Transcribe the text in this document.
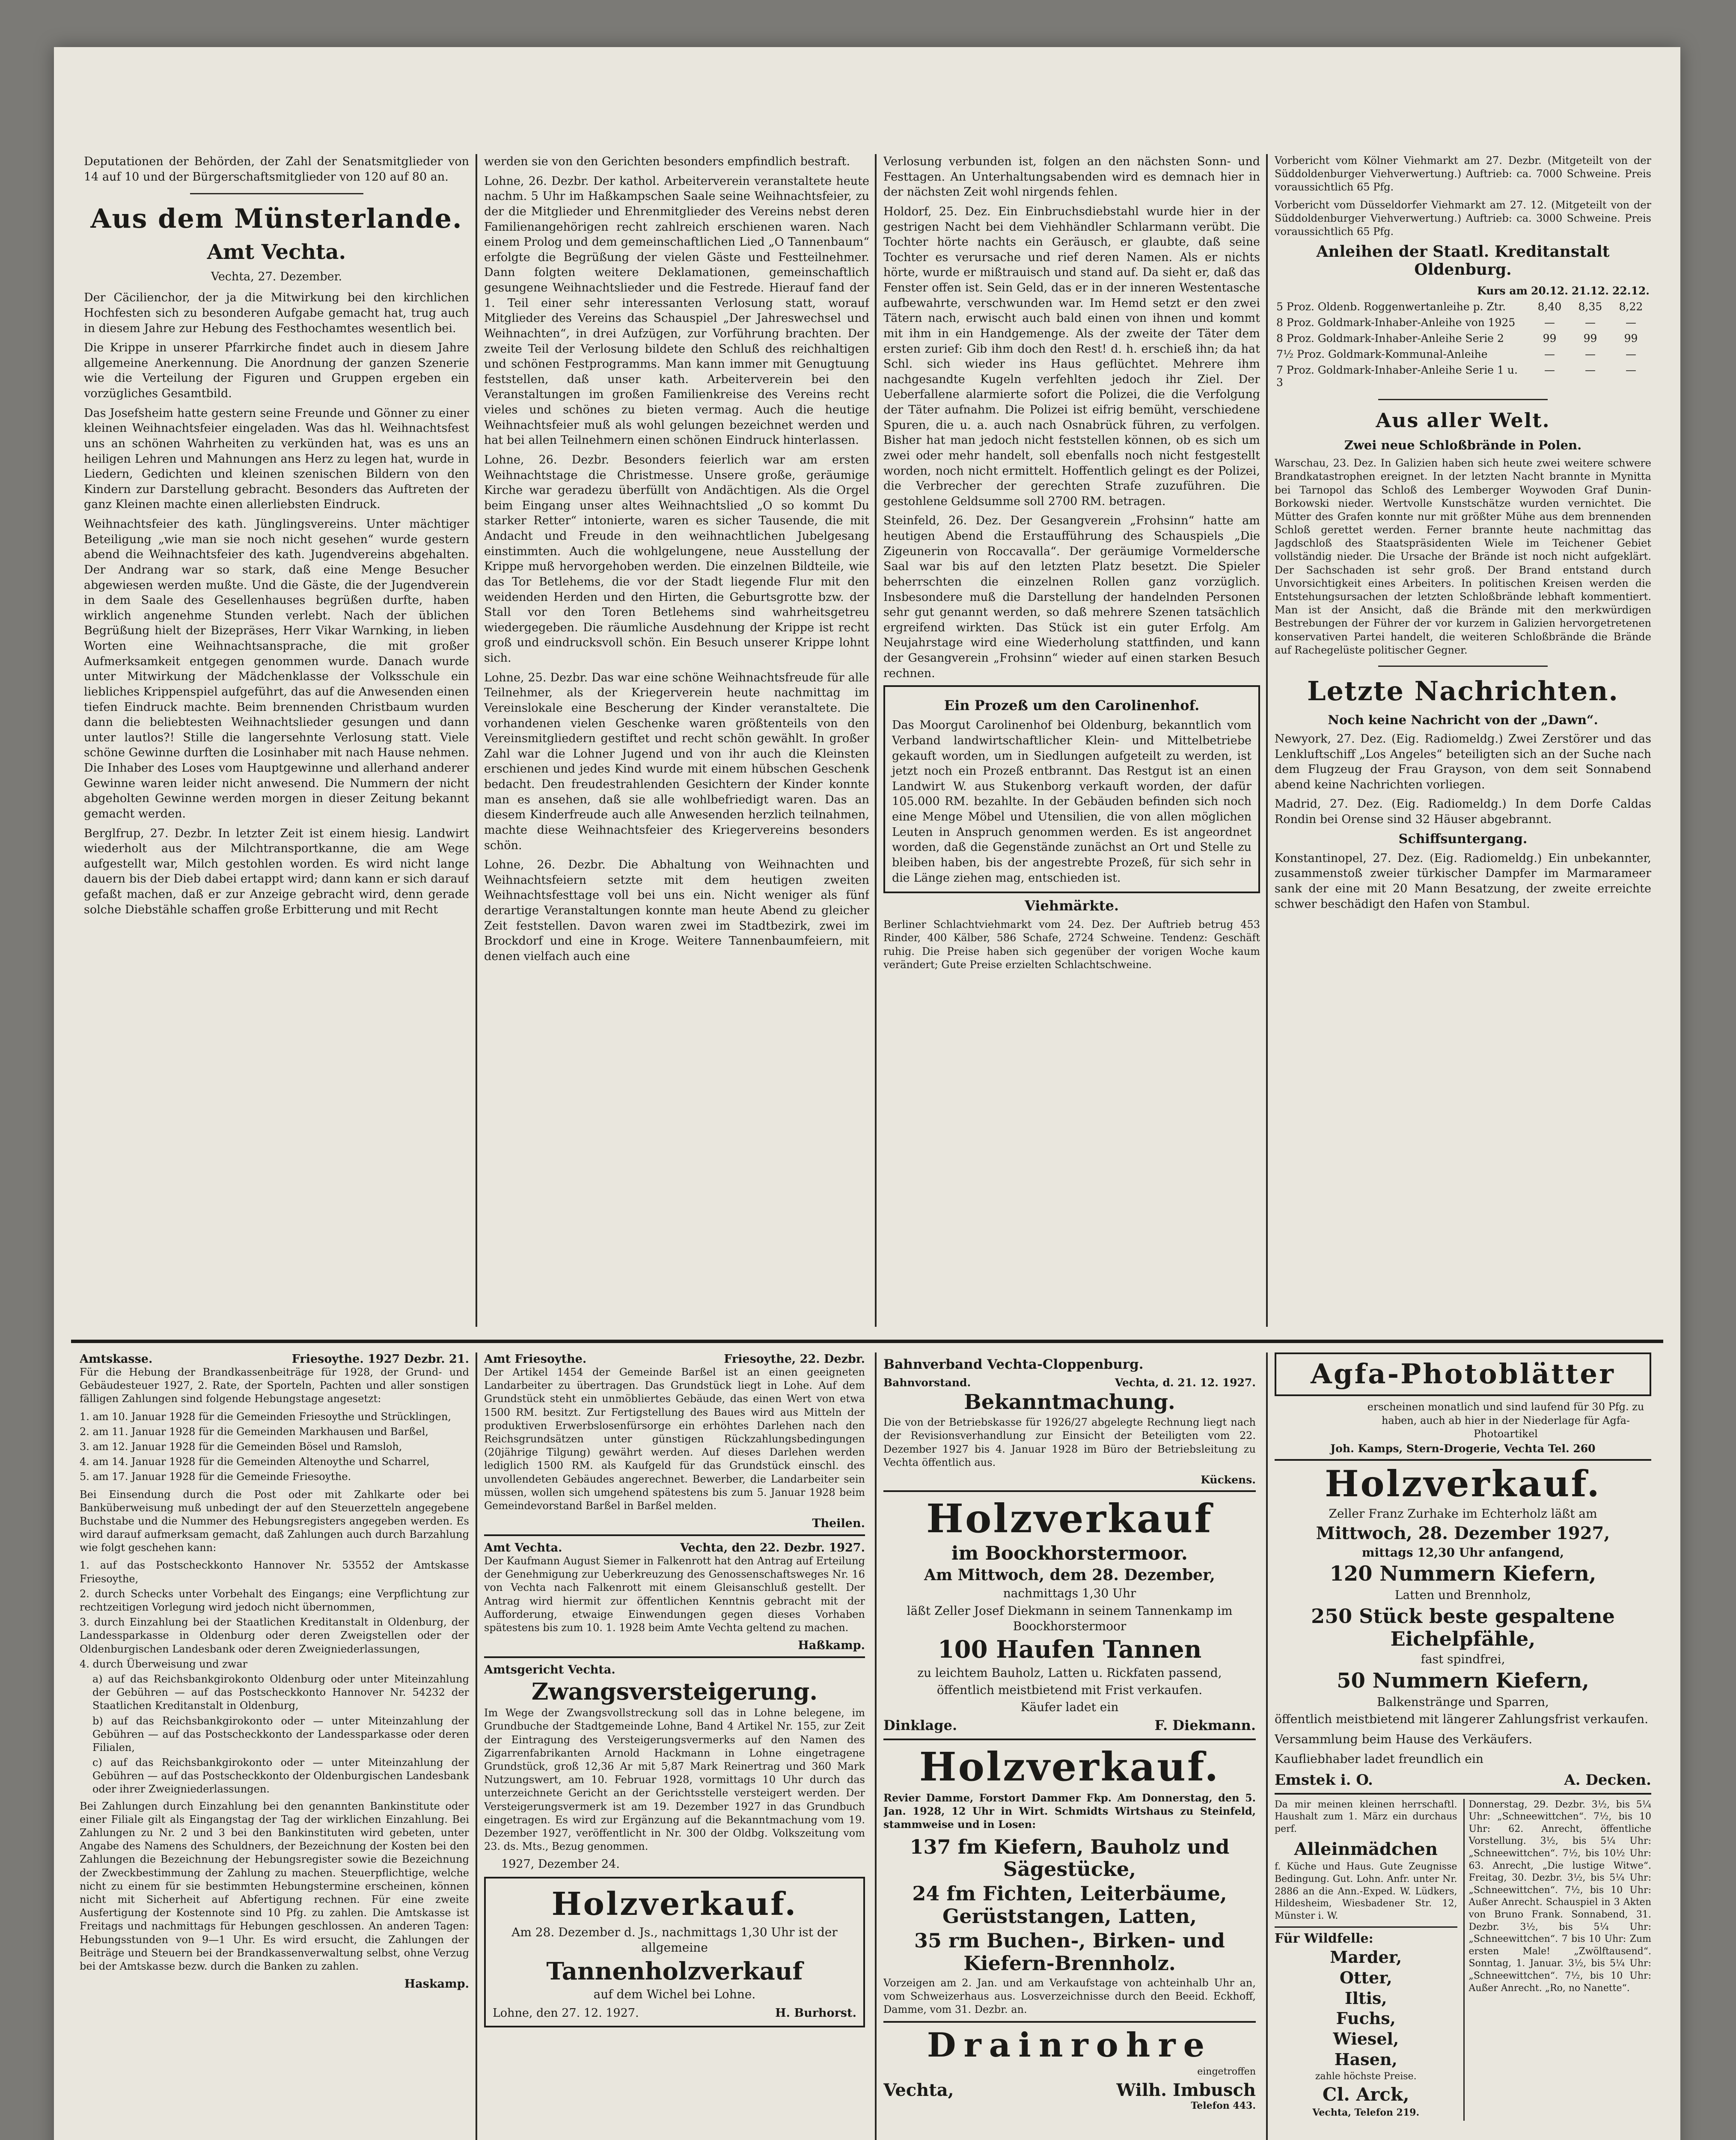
Deputationen der Behörden, der Zahl der Senatsmitglieder von 14 auf 10 und der Bürgerschaftsmitglieder von 120 auf 80 an.

Aus dem Münsterlande.
Amt Vechta.
Vechta, 27. Dezember.

Der Cäcilienchor, der ja die Mitwirkung bei den kirchlichen Hochfesten sich zu besonderen Aufgabe gemacht hat, trug auch in diesem Jahre zur Hebung des Festhochamtes wesentlich bei.

Die Krippe in unserer Pfarrkirche findet auch in diesem Jahre allgemeine Anerkennung. Die Anordnung der ganzen Szenerie wie die Verteilung der Figuren und Gruppen ergeben ein vorzügliches Gesamtbild.

Das Josefsheim hatte gestern seine Freunde und Gönner zu einer kleinen Weihnachtsfeier eingeladen. Was das hl. Weihnachtsfest uns an schönen Wahrheiten zu verkünden hat, was es uns an heiligen Lehren und Mahnungen ans Herz zu legen hat, wurde in Liedern, Gedichten und kleinen szenischen Bildern von den Kindern zur Darstellung gebracht. Besonders das Auftreten der ganz Kleinen machte einen allerliebsten Eindruck.

Weihnachtsfeier des kath. Jünglingsvereins. Unter mächtiger Beteiligung „wie man sie noch nicht gesehen“ wurde gestern abend die Weihnachtsfeier des kath. Jugendvereins abgehalten. Der Andrang war so stark, daß eine Menge Besucher abgewiesen werden mußte. Und die Gäste, die der Jugendverein in dem Saale des Gesellenhauses begrüßen durfte, haben wirklich angenehme Stunden verlebt. Nach der üblichen Begrüßung hielt der Bizepräses, Herr Vikar Warnking, in lieben Worten eine Weihnachtsansprache, die mit großer Aufmerksamkeit entgegen genommen wurde. Danach wurde unter Mitwirkung der Mädchenklasse der Volksschule ein liebliches Krippenspiel aufgeführt, das auf die Anwesenden einen tiefen Eindruck machte. Beim brennenden Christbaum wurden dann die beliebtesten Weihnachtslieder gesungen und dann unter lautlos?! Stille die langersehnte Verlosung statt. Viele schöne Gewinne durften die Losinhaber mit nach Hause nehmen. Die Inhaber des Loses vom Hauptgewinne und allerhand anderer Gewinne waren leider nicht anwesend. Die Nummern der nicht abgeholten Gewinne werden morgen in dieser Zeitung bekannt gemacht werden.

Berglfrup, 27. Dezbr. In letzter Zeit ist einem hiesig. Landwirt wiederholt aus der Milchtransportkanne, die am Wege aufgestellt war, Milch gestohlen worden. Es wird nicht lange dauern bis der Dieb dabei ertappt wird; dann kann er sich darauf gefaßt machen, daß er zur Anzeige gebracht wird, denn gerade solche Diebstähle schaffen große Erbitterung und mit Recht

werden sie von den Gerichten besonders empfindlich bestraft.

Lohne, 26. Dezbr. Der kathol. Arbeiterverein veranstaltete heute nachm. 5 Uhr im Haßkampschen Saale seine Weihnachtsfeier, zu der die Mitglieder und Ehrenmitglieder des Vereins nebst deren Familienangehörigen recht zahlreich erschienen waren. Nach einem Prolog und dem gemeinschaftlichen Lied „O Tannenbaum“ erfolgte die Begrüßung der vielen Gäste und Festteilnehmer. Dann folgten weitere Deklamationen, gemeinschaftlich gesungene Weihnachtslieder und die Festrede. Hierauf fand der 1. Teil einer sehr interessanten Verlosung statt, worauf Mitglieder des Vereins das Schauspiel „Der Jahreswechsel und Weihnachten“, in drei Aufzügen, zur Vorführung brachten. Der zweite Teil der Verlosung bildete den Schluß des reichhaltigen und schönen Festprogramms. Man kann immer mit Genugtuung feststellen, daß unser kath. Arbeiterverein bei den Veranstaltungen im großen Familienkreise des Vereins recht vieles und schönes zu bieten vermag. Auch die heutige Weihnachtsfeier muß als wohl gelungen bezeichnet werden und hat bei allen Teilnehmern einen schönen Eindruck hinterlassen.

Lohne, 26. Dezbr. Besonders feierlich war am ersten Weihnachtstage die Christmesse. Unsere große, geräumige Kirche war geradezu überfüllt von Andächtigen. Als die Orgel beim Eingang unser altes Weihnachtslied „O so kommt Du starker Retter“ intonierte, waren es sicher Tausende, die mit Andacht und Freude in den weihnachtlichen Jubelgesang einstimmten. Auch die wohlgelungene, neue Ausstellung der Krippe muß hervorgehoben werden. Die einzelnen Bildteile, wie das Tor Betlehems, die vor der Stadt liegende Flur mit den weidenden Herden und den Hirten, die Geburtsgrotte bzw. der Stall vor den Toren Betlehems sind wahrheitsgetreu wiedergegeben. Die räumliche Ausdehnung der Krippe ist recht groß und eindrucksvoll schön. Ein Besuch unserer Krippe lohnt sich.

Lohne, 25. Dezbr. Das war eine schöne Weihnachtsfreude für alle Teilnehmer, als der Kriegerverein heute nachmittag im Vereinslokale eine Bescherung der Kinder veranstaltete. Die vorhandenen vielen Geschenke waren größtenteils von den Vereinsmitgliedern gestiftet und recht schön gewählt. In großer Zahl war die Lohner Jugend und von ihr auch die Kleinsten erschienen und jedes Kind wurde mit einem hübschen Geschenk bedacht. Den freudestrahlenden Gesichtern der Kinder konnte man es ansehen, daß sie alle wohlbefriedigt waren. Das an diesem Kinderfreude auch alle Anwesenden herzlich teilnahmen, machte diese Weihnachtsfeier des Kriegervereins besonders schön.

Lohne, 26. Dezbr. Die Abhaltung von Weihnachten und Weihnachtsfeiern setzte mit dem heutigen zweiten Weihnachtsfesttage voll bei uns ein. Nicht weniger als fünf derartige Veranstaltungen konnte man heute Abend zu gleicher Zeit feststellen. Davon waren zwei im Stadtbezirk, zwei im Brockdorf und eine in Kroge. Weitere Tannenbaumfeiern, mit denen vielfach auch eine

Verlosung verbunden ist, folgen an den nächsten Sonn- und Festtagen. An Unterhaltungsabenden wird es demnach hier in der nächsten Zeit wohl nirgends fehlen.

Holdorf, 25. Dez. Ein Einbruchsdiebstahl wurde hier in der gestrigen Nacht bei dem Viehhändler Schlarmann verübt. Die Tochter hörte nachts ein Geräusch, er glaubte, daß seine Tochter es verursache und rief deren Namen. Als er nichts hörte, wurde er mißtrauisch und stand auf. Da sieht er, daß das Fenster offen ist. Sein Geld, das er in der inneren Westentasche aufbewahrte, verschwunden war. Im Hemd setzt er den zwei Tätern nach, erwischt auch bald einen von ihnen und kommt mit ihm in ein Handgemenge. Als der zweite der Täter dem ersten zurief: Gib ihm doch den Rest! d. h. erschieß ihn; da hat Schl. sich wieder ins Haus geflüchtet. Mehrere ihm nachgesandte Kugeln verfehlten jedoch ihr Ziel. Der Ueberfallene alarmierte sofort die Polizei, die die Verfolgung der Täter aufnahm. Die Polizei ist eifrig bemüht, verschiedene Spuren, die u. a. auch nach Osnabrück führen, zu verfolgen. Bisher hat man jedoch nicht feststellen können, ob es sich um zwei oder mehr handelt, soll ebenfalls noch nicht festgestellt worden, noch nicht ermittelt. Hoffentlich gelingt es der Polizei, die Verbrecher der gerechten Strafe zuzuführen. Die gestohlene Geldsumme soll 2700 RM. betragen.

Steinfeld, 26. Dez. Der Gesangverein „Frohsinn“ hatte am heutigen Abend die Erstaufführung des Schauspiels „Die Zigeunerin von Roccavalla“. Der geräumige Vormeldersche Saal war bis auf den letzten Platz besetzt. Die Spieler beherrschten die einzelnen Rollen ganz vorzüglich. Insbesondere muß die Darstellung der handelnden Personen sehr gut genannt werden, so daß mehrere Szenen tatsächlich ergreifend wirkten. Das Stück ist ein guter Erfolg. Am Neujahrstage wird eine Wiederholung stattfinden, und kann der Gesangverein „Frohsinn“ wieder auf einen starken Besuch rechnen.

Ein Prozeß um den Carolinenhof.

Das Moorgut Carolinenhof bei Oldenburg, bekanntlich vom Verband landwirtschaftlicher Klein- und Mittelbetriebe gekauft worden, um in Siedlungen aufgeteilt zu werden, ist jetzt noch ein Prozeß entbrannt. Das Restgut ist an einen Landwirt W. aus Stukenborg verkauft worden, der dafür 105.000 RM. bezahlte. In der Gebäuden befinden sich noch eine Menge Möbel und Utensilien, die von allen möglichen Leuten in Anspruch genommen werden. Es ist angeordnet worden, daß die Gegenstände zunächst an Ort und Stelle zu bleiben haben, bis der angestrebte Prozeß, für sich sehr in die Länge ziehen mag, entschieden ist.

Viehmärkte.

Berliner Schlachtviehmarkt vom 24. Dez. Der Auftrieb betrug 453 Rinder, 400 Kälber, 586 Schafe, 2724 Schweine. Tendenz: Geschäft ruhig. Die Preise haben sich gegenüber der vorigen Woche kaum verändert; Gute Preise erzielten Schlachtschweine.

Vorbericht vom Kölner Viehmarkt am 27. Dezbr. (Mitgeteilt von der Süddoldenburger Viehverwertung.) Auftrieb: ca. 7000 Schweine. Preis voraussichtlich 65 Pfg.

Vorbericht vom Düsseldorfer Viehmarkt am 27. 12. (Mitgeteilt von der Süddoldenburger Viehverwertung.) Auftrieb: ca. 3000 Schweine. Preis voraussichtlich 65 Pfg.

Anleihen der Staatl. Kreditanstalt Oldenburg.
Kurs am	20.12.	21.12.	22.12.
5 Proz. Oldenb. Roggenwertanleihe p. Ztr.	8,40	8,35	8,22
8 Proz. Goldmark-Inhaber-Anleihe von 1925	—	—	—
8 Proz. Goldmark-Inhaber-Anleihe Serie 2	99	99	99
7½ Proz. Goldmark-Kommunal-Anleihe	—	—	—
7 Proz. Goldmark-Inhaber-Anleihe Serie 1 u. 3	—	—	—
Aus aller Welt.
Zwei neue Schloßbrände in Polen.

Warschau, 23. Dez. In Galizien haben sich heute zwei weitere schwere Brandkatastrophen ereignet. In der letzten Nacht brannte in Mynitta bei Tarnopol das Schloß des Lemberger Woywoden Graf Dunin-Borkowski nieder. Wertvolle Kunstschätze wurden vernichtet. Die Mütter des Grafen konnte nur mit größter Mühe aus dem brennenden Schloß gerettet werden. Ferner brannte heute nachmittag das Jagdschloß des Staatspräsidenten Wiele im Teichener Gebiet vollständig nieder. Die Ursache der Brände ist noch nicht aufgeklärt. Der Sachschaden ist sehr groß. Der Brand entstand durch Unvorsichtigkeit eines Arbeiters. In politischen Kreisen werden die Entstehungsursachen der letzten Schloßbrände lebhaft kommentiert. Man ist der Ansicht, daß die Brände mit den merkwürdigen Bestrebungen der Führer der vor kurzem in Galizien hervorgetretenen konservativen Partei handelt, die weiteren Schloßbrände die Brände auf Rachegelüste politischer Gegner.

Letzte Nachrichten.
Noch keine Nachricht von der „Dawn“.

Newyork, 27. Dez. (Eig. Radiomeldg.) Zwei Zerstörer und das Lenkluftschiff „Los Angeles“ beteiligten sich an der Suche nach dem Flugzeug der Frau Grayson, von dem seit Sonnabend abend keine Nachrichten vorliegen.

Madrid, 27. Dez. (Eig. Radiomeldg.) In dem Dorfe Caldas Rondin bei Orense sind 32 Häuser abgebrannt.

Schiffsuntergang.

Konstantinopel, 27. Dez. (Eig. Radiomeldg.) Ein unbekannter, zusammenstoß zweier türkischer Dampfer im Marmarameer sank der eine mit 20 Mann Besatzung, der zweite erreichte schwer beschädigt den Hafen von Stambul.

Amtskasse.	Friesoythe. 1927 Dezbr. 21.

Für die Hebung der Brandkassenbeiträge für 1928, der Grund- und Gebäudesteuer 1927, 2. Rate, der Sporteln, Pachten und aller sonstigen fälligen Zahlungen sind folgende Hebungstage angesetzt:

1. am 10. Januar 1928 für die Gemeinden Friesoythe und Strücklingen,

2. am 11. Januar 1928 für die Gemeinden Markhausen und Barßel,

3. am 12. Januar 1928 für die Gemeinden Bösel und Ramsloh,

4. am 14. Januar 1928 für die Gemeinden Altenoythe und Scharrel,

5. am 17. Januar 1928 für die Gemeinde Friesoythe.

Bei Einsendung durch die Post oder mit Zahlkarte oder bei Banküberweisung muß unbedingt der auf den Steuerzetteln angegebene Buchstabe und die Nummer des Hebungsregisters angegeben werden. Es wird darauf aufmerksam gemacht, daß Zahlungen auch durch Barzahlung wie folgt geschehen kann:

1. auf das Postscheckkonto Hannover Nr. 53552 der Amtskasse Friesoythe,

2. durch Schecks unter Vorbehalt des Eingangs; eine Verpflichtung zur rechtzeitigen Vorlegung wird jedoch nicht übernommen,

3. durch Einzahlung bei der Staatlichen Kreditanstalt in Oldenburg, der Landessparkasse in Oldenburg oder deren Zweigstellen oder der Oldenburgischen Landesbank oder deren Zweigniederlassungen,

4. durch Überweisung und zwar

a) auf das Reichsbankgirokonto Oldenburg oder unter Miteinzahlung der Gebühren — auf das Postscheckkonto Hannover Nr. 54232 der Staatlichen Kreditanstalt in Oldenburg,

b) auf das Reichsbankgirokonto oder — unter Miteinzahlung der Gebühren — auf das Postscheckkonto der Landessparkasse oder deren Filialen,

c) auf das Reichsbankgirokonto oder — unter Miteinzahlung der Gebühren — auf das Postscheckkonto der Oldenburgischen Landesbank oder ihrer Zweigniederlassungen.

Bei Zahlungen durch Einzahlung bei den genannten Bankinstitute oder einer Filiale gilt als Eingangstag der Tag der wirklichen Einzahlung. Bei Zahlungen zu Nr. 2 und 3 bei den Bankinstituten wird gebeten, unter Angabe des Namens des Schuldners, der Bezeichnung der Kosten bei den Zahlungen die Bezeichnung der Hebungsregister sowie die Bezeichnung der Zweckbestimmung der Zahlung zu machen. Steuerpflichtige, welche nicht zu einem für sie bestimmten Hebungstermine erscheinen, können nicht mit Sicherheit auf Abfertigung rechnen. Für eine zweite Ausfertigung der Kostennote sind 10 Pfg. zu zahlen. Die Amtskasse ist Freitags und nachmittags für Hebungen geschlossen. An anderen Tagen: Hebungsstunden von 9—1 Uhr. Es wird ersucht, die Zahlungen der Beiträge und Steuern bei der Brandkassenverwaltung selbst, ohne Verzug bei der Amtskasse bezw. durch die Banken zu zahlen.

Haskamp.
Amt Friesoythe.	Friesoythe, 22. Dezbr.

Der Artikel 1454 der Gemeinde Barßel ist an einen geeigneten Landarbeiter zu übertragen. Das Grundstück liegt in Lohe. Auf dem Grundstück steht ein unmöbliertes Gebäude, das einen Wert von etwa 1500 RM. besitzt. Zur Fertigstellung des Baues wird aus Mitteln der produktiven Erwerbslosenfürsorge ein erhöhtes Darlehen nach den Reichsgrundsätzen unter günstigen Rückzahlungsbedingungen (20jährige Tilgung) gewährt werden. Auf dieses Darlehen werden lediglich 1500 RM. als Kaufgeld für das Grundstück einschl. des unvollendeten Gebäudes angerechnet. Bewerber, die Landarbeiter sein müssen, wollen sich umgehend spätestens bis zum 5. Januar 1928 beim Gemeindevorstand Barßel in Barßel melden.

Theilen.
Amt Vechta.	Vechta, den 22. Dezbr. 1927.

Der Kaufmann August Siemer in Falkenrott hat den Antrag auf Erteilung der Genehmigung zur Ueberkreuzung des Genossenschaftsweges Nr. 16 von Vechta nach Falkenrott mit einem Gleisanschluß gestellt. Der Antrag wird hiermit zur öffentlichen Kenntnis gebracht mit der Aufforderung, etwaige Einwendungen gegen dieses Vorhaben spätestens bis zum 10. 1. 1928 beim Amte Vechta geltend zu machen.

Haßkamp.
Amtsgericht Vechta.
Zwangsversteigerung.

Im Wege der Zwangsvollstreckung soll das in Lohne belegene, im Grundbuche der Stadtgemeinde Lohne, Band 4 Artikel Nr. 155, zur Zeit der Eintragung des Versteigerungsvermerks auf den Namen des Zigarrenfabrikanten Arnold Hackmann in Lohne eingetragene Grundstück, groß 12,36 Ar mit 5,87 Mark Reinertrag und 360 Mark Nutzungswert, am 10. Februar 1928, vormittags 10 Uhr durch das unterzeichnete Gericht an der Gerichtsstelle versteigert werden. Der Versteigerungsvermerk ist am 19. Dezember 1927 in das Grundbuch eingetragen. Es wird zur Ergänzung auf die Bekanntmachung vom 19. Dezember 1927, veröffentlicht in Nr. 300 der Oldbg. Volkszeitung vom 23. ds. Mts., Bezug genommen.

1927, Dezember 24.
Holzverkauf.
Am 28. Dezember d. Js., nachmittags 1,30 Uhr ist der allgemeine
Tannenholzverkauf
auf dem Wichel bei Lohne.
Lohne, den 27. 12. 1927.	H. Burhorst.
Bahnverband Vechta-Cloppenburg.
Bahnvorstand.	Vechta, d. 21. 12. 1927.
Bekanntmachung.

Die von der Betriebskasse für 1926/27 abgelegte Rechnung liegt nach der Revisionsverhandlung zur Einsicht der Beteiligten vom 22. Dezember 1927 bis 4. Januar 1928 im Büro der Betriebsleitung zu Vechta öffentlich aus.

Kückens.
Holzverkauf
im Boockhorstermoor.
Am Mittwoch, dem 28. Dezember,
nachmittags 1,30 Uhr
läßt Zeller Josef Diekmann in seinem Tannenkamp im Boockhorstermoor
100 Haufen Tannen
zu leichtem Bauholz, Latten u. Rickfaten passend,
öffentlich meistbietend mit Frist verkaufen.
Käufer ladet ein
Dinklage.	F. Diekmann.
Holzverkauf.

Revier Damme, Forstort Dammer Fkp. Am Donnerstag, den 5. Jan. 1928, 12 Uhr in Wirt. Schmidts Wirtshaus zu Steinfeld, stammweise und in Losen:

137 fm Kiefern, Bauholz und Sägestücke,
24 fm Fichten, Leiterbäume, Gerüststangen, Latten,
35 rm Buchen-, Birken- und Kiefern-Brennholz.

Vorzeigen am 2. Jan. und am Verkaufstage von achteinhalb Uhr an, vom Schweizerhaus aus. Losverzeichnisse durch den Beeid. Eckhoff, Damme, vom 31. Dezbr. an.

Drainrohre
eingetroffen
Vechta,	Wilh. Imbusch
Telefon 443.
Agfa-Photoblätter
erscheinen monatlich und sind laufend für 30 Pfg. zu haben, auch ab hier in der Niederlage für Agfa-Photoartikel
Joh. Kamps, Stern-Drogerie, Vechta Tel. 260
Holzverkauf.
Zeller Franz Zurhake im Echterholz läßt am
Mittwoch, 28. Dezember 1927,
mittags 12,30 Uhr anfangend,
120 Nummern Kiefern,
Latten und Brennholz,
250 Stück beste gespaltene Eichelpfähle,
fast spindfrei,
50 Nummern Kiefern,
Balkenstränge und Sparren,

öffentlich meistbietend mit längerer Zahlungsfrist verkaufen.

Versammlung beim Hause des Verkäufers.

Kaufliebhaber ladet freundlich ein

Emstek i. O.	A. Decken.

Da mir meinen kleinen herrschaftl. Haushalt zum 1. März ein durchaus perf.

Alleinmädchen

f. Küche und Haus. Gute Zeugnisse Bedingung. Gut. Lohn. Anfr. unter Nr. 2886 an die Ann.-Exped. W. Lüdkers, Hildesheim, Wiesbadener Str. 12, Münster i. W.

Für Wildfelle:
Marder,
Otter,
Iltis,
Fuchs,
Wiesel,
Hasen,
zahle höchste Preise.
Cl. Arck,
Vechta, Telefon 219.

Donnerstag, 29. Dezbr. 3½, bis 5¼ Uhr: „Schneewittchen“. 7½, bis 10 Uhr: 62. Anrecht, öffentliche Vorstellung. 3½, bis 5¼ Uhr: „Schneewittchen“. 7½, bis 10½ Uhr: 63. Anrecht, „Die lustige Witwe“. Freitag, 30. Dezbr. 3½, bis 5¼ Uhr: „Schneewittchen“. 7½, bis 10 Uhr: Außer Anrecht. Schauspiel in 3 Akten von Bruno Frank. Sonnabend, 31. Dezbr. 3½, bis 5¼ Uhr: „Schneewittchen“. 7 bis 10 Uhr: Zum ersten Male! „Zwölftausend“. Sonntag, 1. Januar. 3½, bis 5¼ Uhr: „Schneewittchen“. 7½, bis 10 Uhr: Außer Anrecht. „Ro, no Nanette“.
